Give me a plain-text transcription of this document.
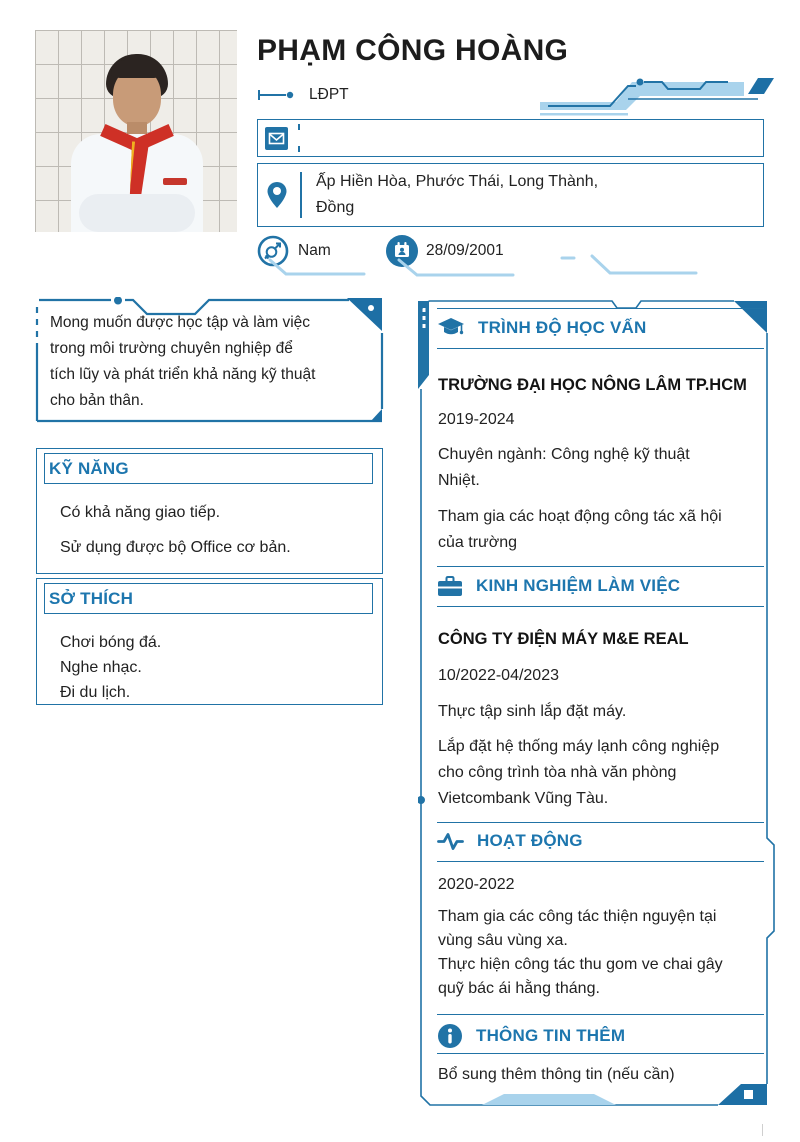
PHẠM CÔNG HOÀNG
LĐPT
Ấp Hiền Hòa, Phước Thái, Long Thành,
Đồng
Nam	28/09/2001
Mong muốn được học tập và làm việc
trong môi trường chuyên nghiệp để
tích lũy và phát triển khả năng kỹ thuật
cho bản thân.
KỸ NĂNG
Có khả năng giao tiếp.
Sử dụng được bộ Office cơ bản.
SỞ THÍCH
Chơi bóng đá.
Nghe nhạc.
Đi du lịch.
TRÌNH ĐỘ HỌC VẤN
TRƯỜNG ĐẠI HỌC NÔNG LÂM TP.HCM
2019-2024
Chuyên ngành: Công nghệ kỹ thuật
Nhiệt.
Tham gia các hoạt động công tác xã hội
của trường
KINH NGHIỆM LÀM VIỆC
CÔNG TY ĐIỆN MÁY M&E REAL
10/2022-04/2023
Thực tập sinh lắp đặt máy.
Lắp đặt hệ thống máy lạnh công nghiệp
cho công trình tòa nhà văn phòng
Vietcombank Vũng Tàu.
HOẠT ĐỘNG
2020-2022
Tham gia các công tác thiện nguyện tại
vùng sâu vùng xa.
Thực hiện công tác thu gom ve chai gây
quỹ bác ái hằng tháng.
THÔNG TIN THÊM
Bổ sung thêm thông tin (nếu cần)
